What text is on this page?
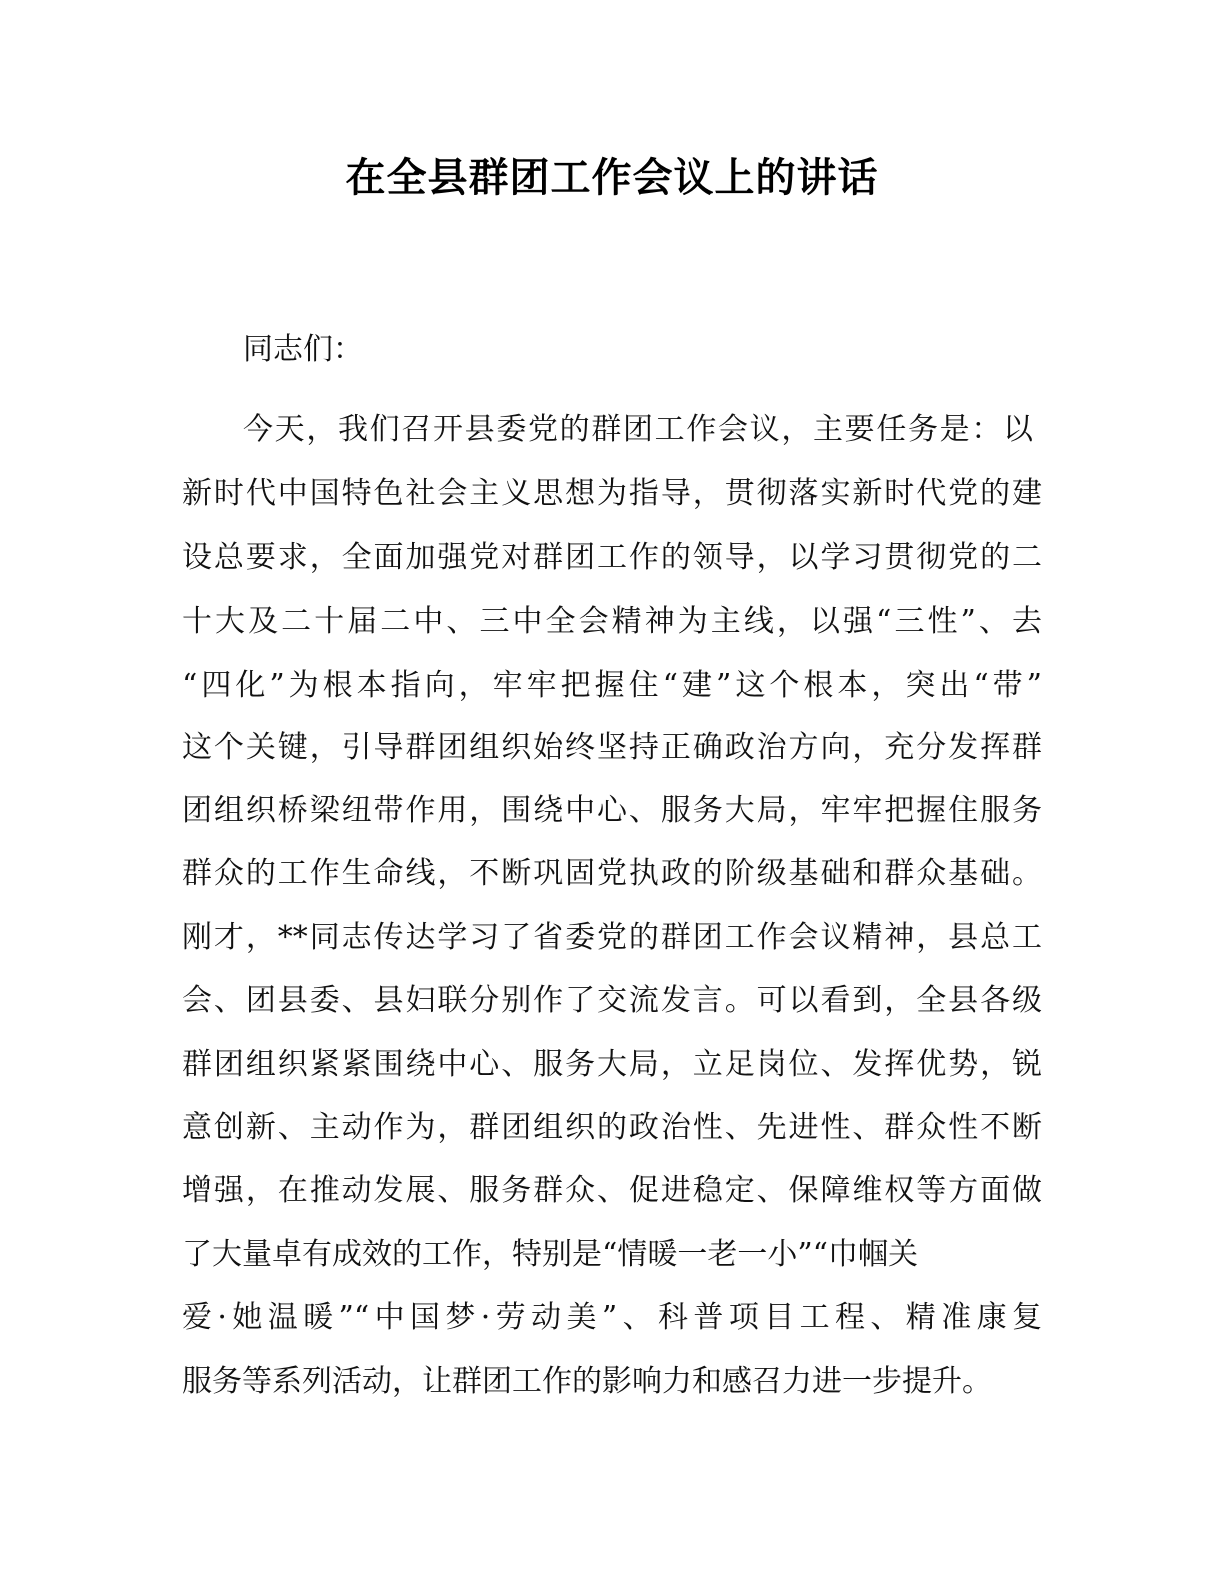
在全县群团工作会议上的讲话
同志们：
今天，我们召开县委党的群团工作会议，主要任务是：以
新时代中国特色社会主义思想为指导，贯彻落实新时代党的建
设总要求，全面加强党对群团工作的领导，以学习贯彻党的二
十大及二十届二中、三中全会精神为主线，以强“三性”、去
“四化”为根本指向，牢牢把握住“建”这个根本，突出“带”
这个关键，引导群团组织始终坚持正确政治方向，充分发挥群
团组织桥梁纽带作用，围绕中心、服务大局，牢牢把握住服务
群众的工作生命线，不断巩固党执政的阶级基础和群众基础。
刚才，**同志传达学习了省委党的群团工作会议精神，县总工
会、团县委、县妇联分别作了交流发言。可以看到，全县各级
群团组织紧紧围绕中心、服务大局，立足岗位、发挥优势，锐
意创新、主动作为，群团组织的政治性、先进性、群众性不断
增强，在推动发展、服务群众、促进稳定、保障维权等方面做
了大量卓有成效的工作，特别是“情暖一老一小”“巾帼关
爱·她温暖”“中国梦·劳动美”、科普项目工程、精准康复
服务等系列活动，让群团工作的影响力和感召力进一步提升。
